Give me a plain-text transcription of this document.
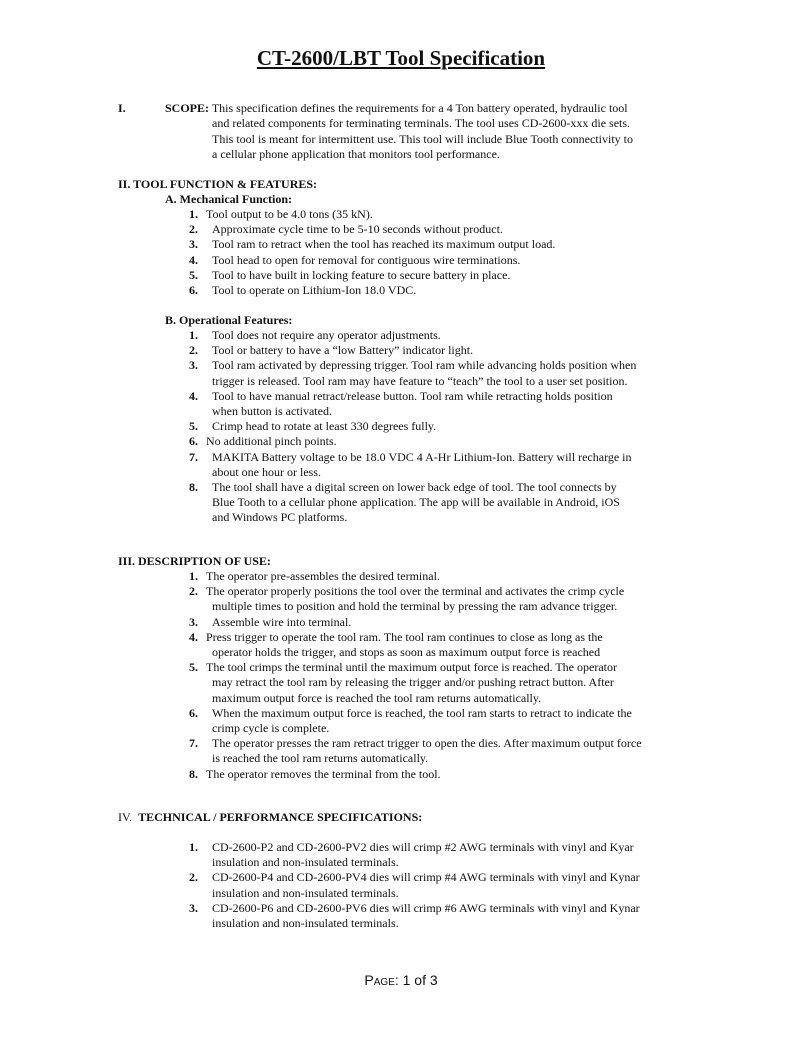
CT-2600/LBT Tool Specification
I.	SCOPE: This specification defines the requirements for a 4 Ton battery operated, hydraulic tool
and related components for terminating terminals. The tool uses CD-2600-xxx die sets.
This tool is meant for intermittent use. This tool will include Blue Tooth connectivity to
a cellular phone application that monitors tool performance.
II. TOOL FUNCTION & FEATURES:
A. Mechanical Function:
1. Tool output to be 4.0 tons (35 kN).
2. Approximate cycle time to be 5-10 seconds without product.
3. Tool ram to retract when the tool has reached its maximum output load.
4. Tool head to open for removal for contiguous wire terminations.
5. Tool to have built in locking feature to secure battery in place.
6. Tool to operate on Lithium-Ion 18.0 VDC.
B. Operational Features:
1. Tool does not require any operator adjustments.
2. Tool or battery to have a “low Battery” indicator light.
3. Tool ram activated by depressing trigger. Tool ram while advancing holds position when
trigger is released. Tool ram may have feature to “teach” the tool to a user set position.
4. Tool to have manual retract/release button. Tool ram while retracting holds position
when button is activated.
5. Crimp head to rotate at least 330 degrees fully.
6. No additional pinch points.
7. MAKITA Battery voltage to be 18.0 VDC 4 A-Hr Lithium-Ion. Battery will recharge in
about one hour or less.
8. The tool shall have a digital screen on lower back edge of tool. The tool connects by
Blue Tooth to a cellular phone application. The app will be available in Android, iOS
and Windows PC platforms.
III. DESCRIPTION OF USE:
1. The operator pre-assembles the desired terminal.
2. The operator properly positions the tool over the terminal and activates the crimp cycle
multiple times to position and hold the terminal by pressing the ram advance trigger.
3. Assemble wire into terminal.
4. Press trigger to operate the tool ram. The tool ram continues to close as long as the
operator holds the trigger, and stops as soon as maximum output force is reached
5. The tool crimps the terminal until the maximum output force is reached. The operator
may retract the tool ram by releasing the trigger and/or pushing retract button. After
maximum output force is reached the tool ram returns automatically.
6. When the maximum output force is reached, the tool ram starts to retract to indicate the
crimp cycle is complete.
7. The operator presses the ram retract trigger to open the dies. After maximum output force
is reached the tool ram returns automatically.
8. The operator removes the terminal from the tool.
IV. TECHNICAL / PERFORMANCE SPECIFICATIONS:
1. CD-2600-P2 and CD-2600-PV2 dies will crimp #2 AWG terminals with vinyl and Kyar
insulation and non-insulated terminals.
2. CD-2600-P4 and CD-2600-PV4 dies will crimp #4 AWG terminals with vinyl and Kynar
insulation and non-insulated terminals.
3. CD-2600-P6 and CD-2600-PV6 dies will crimp #6 AWG terminals with vinyl and Kynar
insulation and non-insulated terminals.
Page: 1 of 3
